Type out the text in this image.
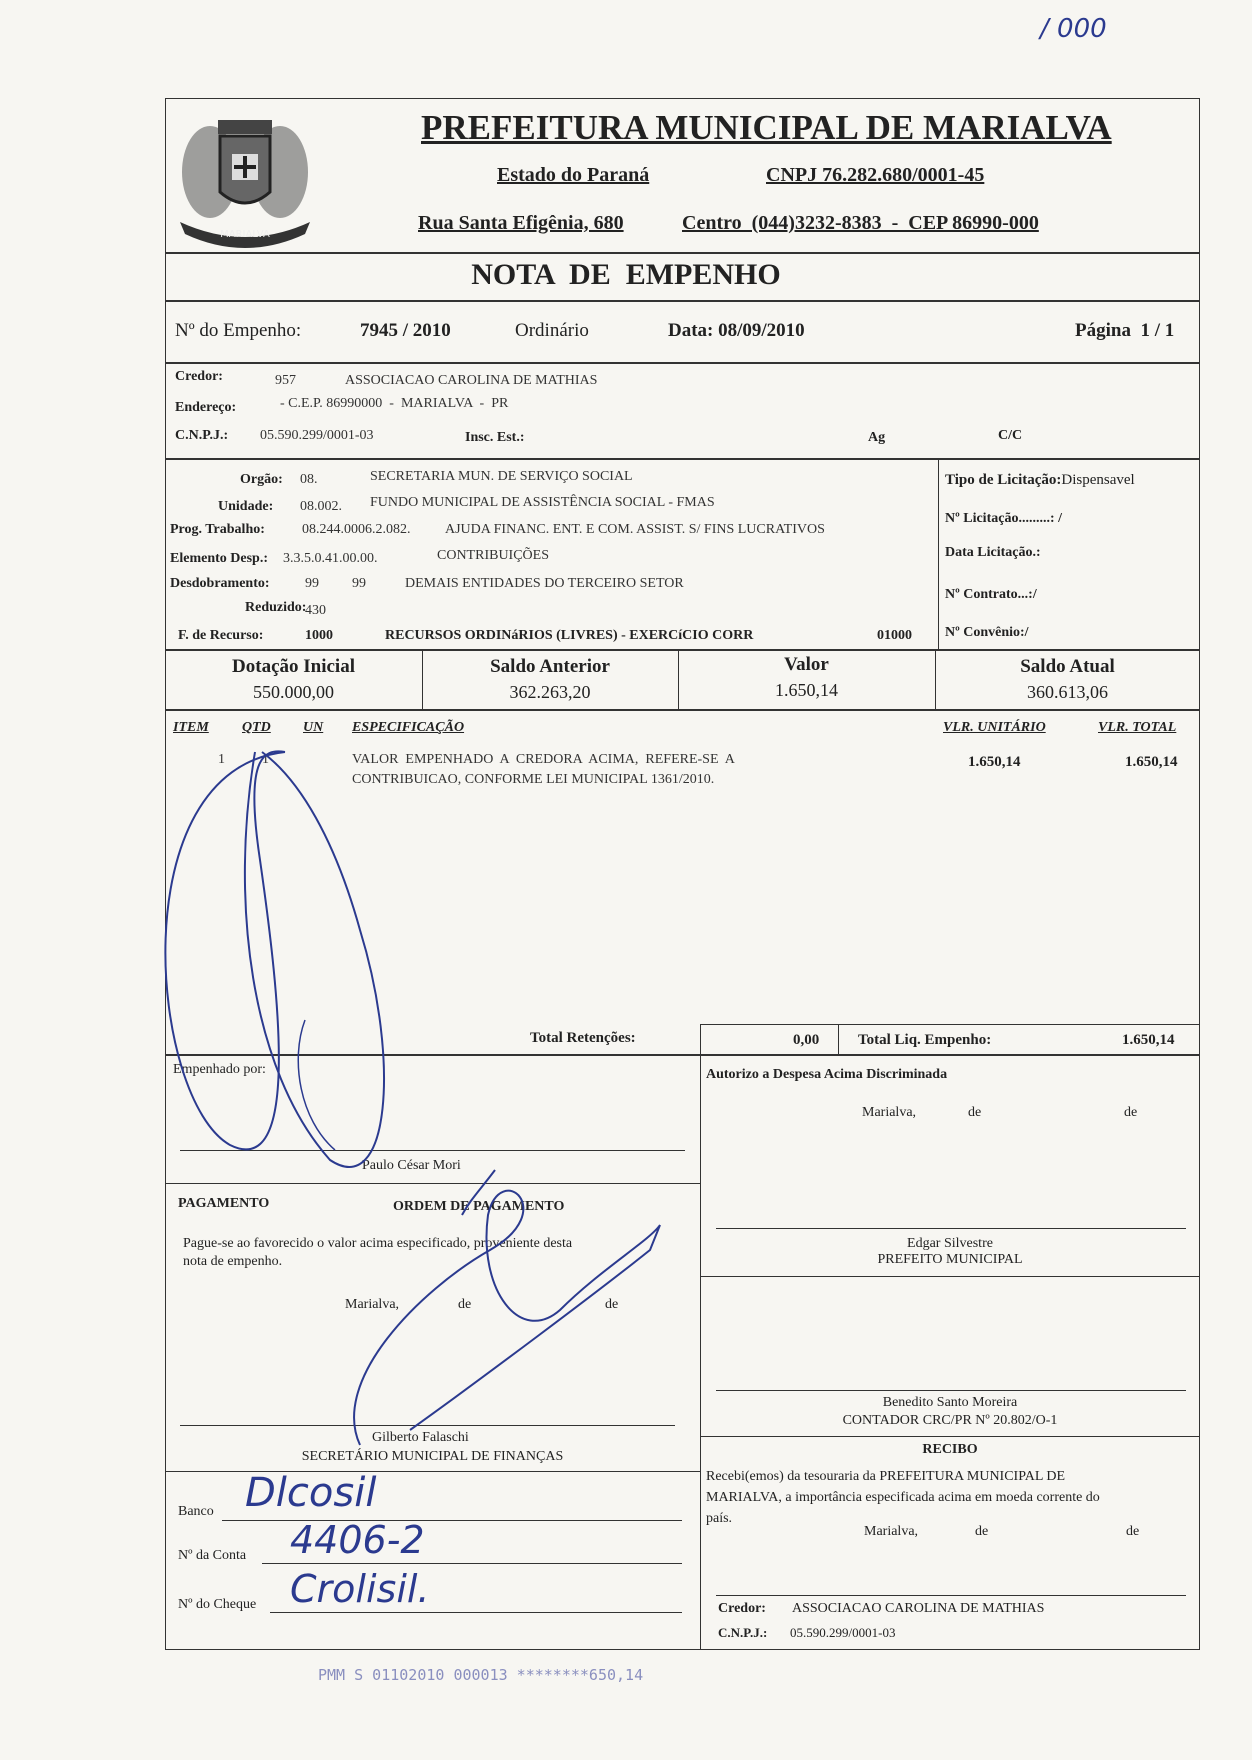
/ 000
MARIALVA
PREFEITURA MUNICIPAL DE MARIALVA
Estado do Paraná	CNPJ 76.282.680/0001-45
Rua Santa Efigênia, 680	Centro  (044)3232-8383  -  CEP 86990-000
NOTA  DE  EMPENHO
Nº do Empenho:	7945 / 2010	Ordinário	Data: 08/09/2010	Página  1 / 1
Credor:	957	ASSOCIACAO CAROLINA DE MATHIAS
Endereço:	- C.E.P. 86990000  -  MARIALVA  -  PR
C.N.P.J.: 05.590.299/0001-03	Insc. Est.:	Ag	C/C
Orgão: 08.	SECRETARIA MUN. DE SERVIÇO SOCIAL
Unidade: 08.002. FUNDO MUNICIPAL DE ASSISTÊNCIA SOCIAL - FMAS
Prog. Trabalho:	08.244.0006.2.082. AJUDA FINANC. ENT. E COM. ASSIST. S/ FINS LUCRATIVOS
Elemento Desp.: 3.3.5.0.41.00.00.	CONTRIBUIÇÕES
Desdobramento:	99 99	DEMAIS ENTIDADES DO TERCEIRO SETOR
Reduzido:
430
F. de Recurso:	1000	RECURSOS ORDINáRIOS (LIVRES) - EXERCíCIO CORR	01000
Tipo de Licitação:Dispensavel
Nº Licitação.........: /
Data Licitação.:
Nº Contrato...:/
Nº Convênio:/
Dotação Inicial
550.000,00
Saldo Anterior
362.263,20
Valor
1.650,14
Saldo Atual
360.613,06
ITEM QTD UN ESPECIFICAÇÃO	VLR. UNITÁRIO	VLR. TOTAL
1	1	VALOR  EMPENHADO  A  CREDORA  ACIMA,  REFERE-SE  A
CONTRIBUICAO, CONFORME LEI MUNICIPAL 1361/2010.
1.650,14	1.650,14
Total Retenções:	0,00	Total Liq. Empenho:	1.650,14
Empenhado por:
Paulo César Mori
Autorizo a Despesa Acima Discriminada
Marialva,	de	de
Edgar Silvestre
PREFEITO MUNICIPAL
PAGAMENTO	ORDEM DE PAGAMENTO
Pague-se ao favorecido o valor acima especificado, proveniente desta
nota de empenho.
Marialva,	de	de
Gilberto Falaschi
SECRETÁRIO MUNICIPAL DE FINANÇAS
Benedito Santo Moreira
CONTADOR CRC/PR Nº 20.802/O-1
RECIBO
Recebi(emos) da tesouraria da PREFEITURA MUNICIPAL DE
MARIALVA, a importância especificada acima em moeda corrente do
país.
Marialva,	de	de
Credor: ASSOCIACAO CAROLINA DE MATHIAS
C.N.P.J.: 05.590.299/0001-03
Banco Dlcosil
Nº da Conta 4406-2
Nº do Cheque Crolisil.
PMM S 01102010 000013 ********650,14
